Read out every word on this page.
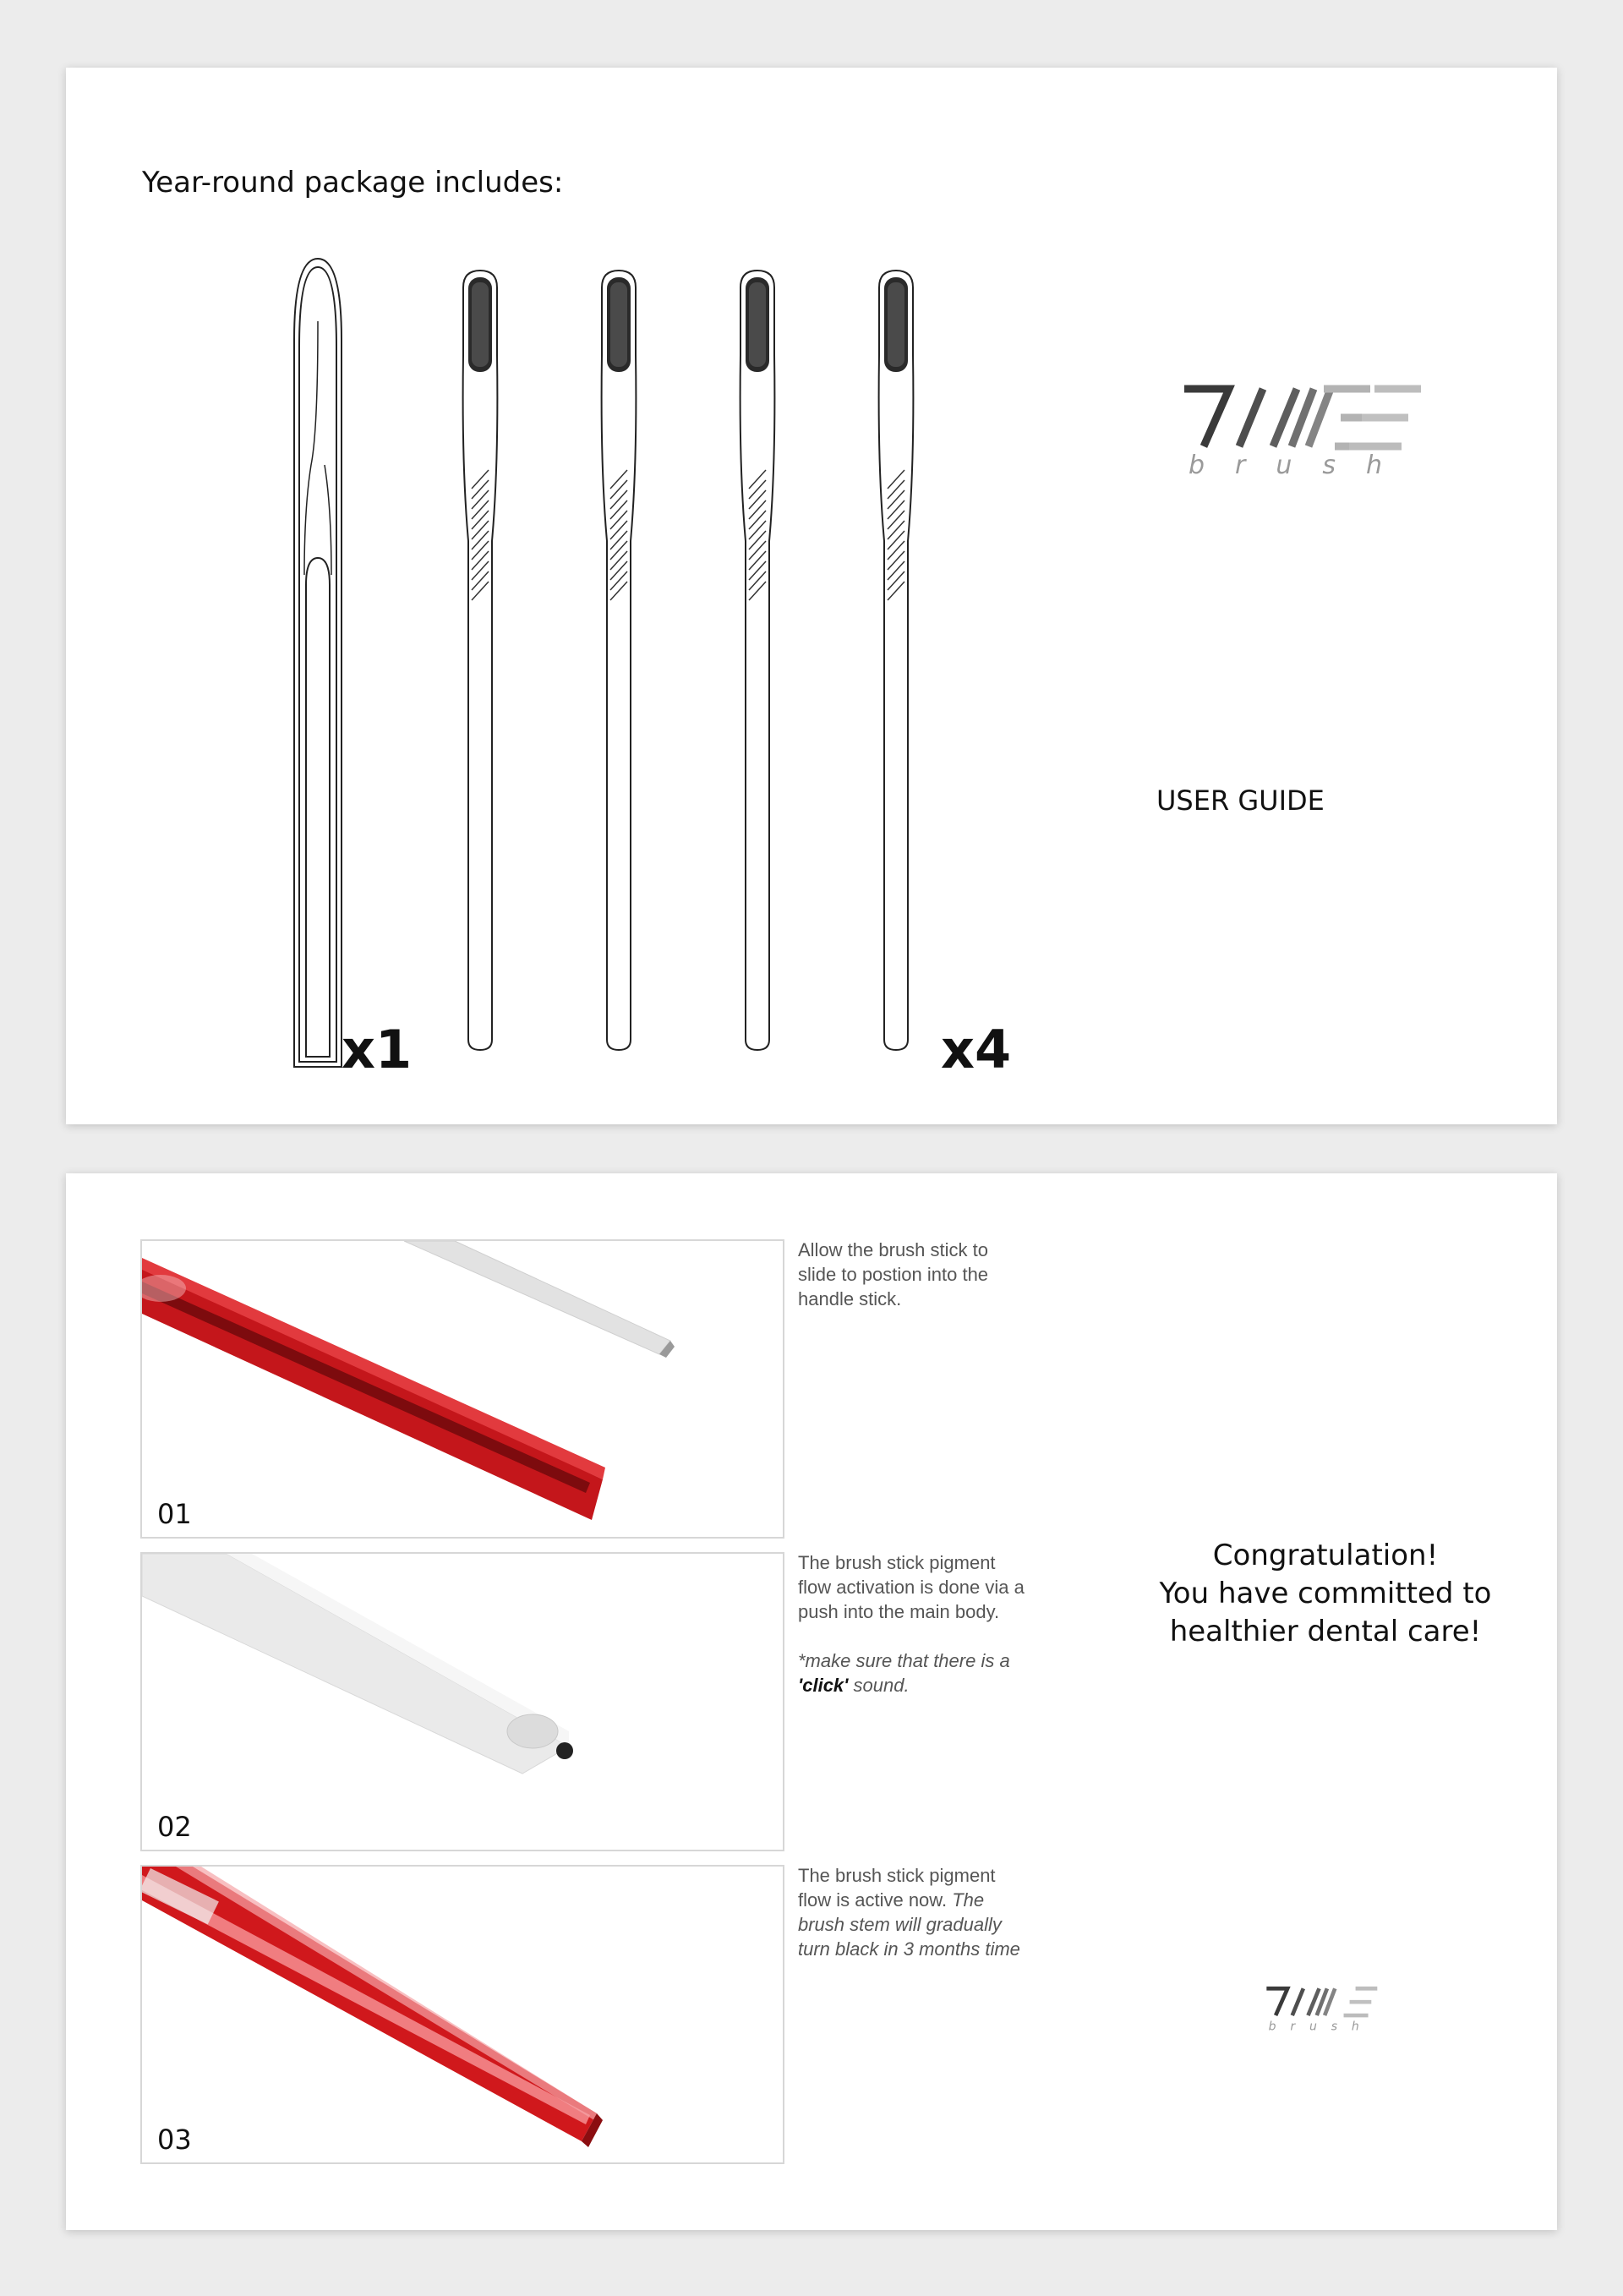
Year-round package includes:
x1	x4
brush
USER GUIDE
01

Allow the brush stick to slide to postion into the handle stick.

02

The brush stick pigment flow activation is done via a push into the main body.

*make sure that there is a 'click' sound.

03

The brush stick pigment flow is active now. The brush stem will gradually turn black in 3 months time

Congratulation!
You have committed to
healthier dental care!
brush
